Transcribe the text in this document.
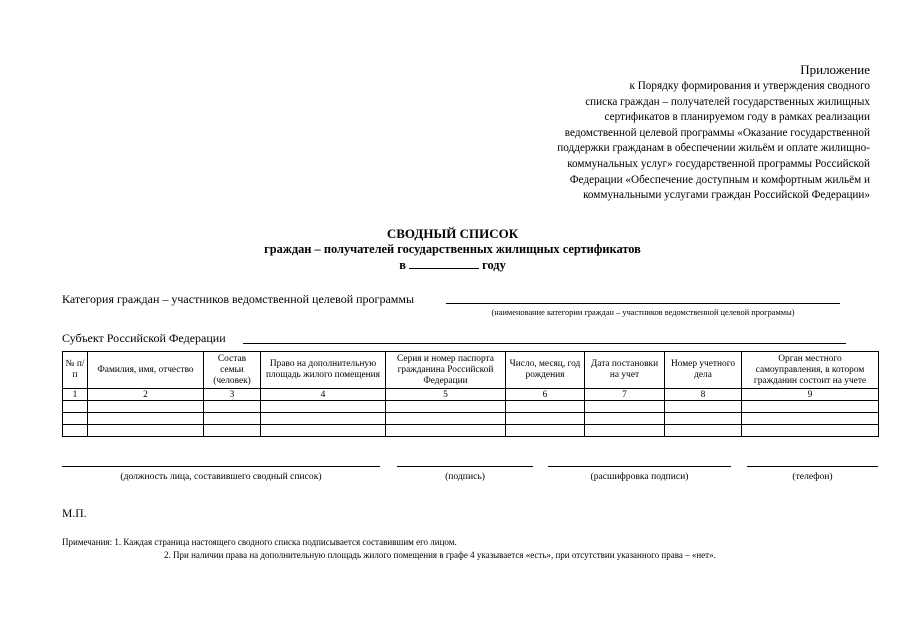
Приложение
к Порядку формирования и утверждения сводного
списка граждан – получателей государственных жилищных
сертификатов в планируемом году в рамках реализации
ведомственной целевой программы «Оказание государственной
поддержки гражданам в обеспечении жильём и оплате жилищно-
коммунальных услуг» государственной программы Российской
Федерации «Обеспечение доступным и комфортным жильём и
коммунальными услугами граждан Российской Федерации»
СВОДНЫЙ СПИСОК
граждан – получателей государственных жилищных сертификатов
в	году
Категория граждан – участников ведомственной целевой программы
(наименование категории граждан – участников ведомственной целевой программы)
Субъект Российской Федерации
№ п/п	Фамилия, имя, отчество	Состав семьи (человек)	Право на дополнительную площадь жилого помещения	Серия и номер паспорта гражданина Российской Федерации	Число, месяц, год рождения	Дата постановки на учет	Номер учетного дела	Орган местного самоуправления, в котором гражданин состоит на учете
1	2	3	4	5	6	7	8	9

(должность лица, составившего сводный список)	(подпись)	(расшифровка подписи)	(телефон)
М.П.
Примечания: 1. Каждая страница настоящего сводного списка подписывается составившим его лицом.
2. При наличии права на дополнительную площадь жилого помещения в графе 4 указывается «есть», при отсутствии указанного права – «нет».
